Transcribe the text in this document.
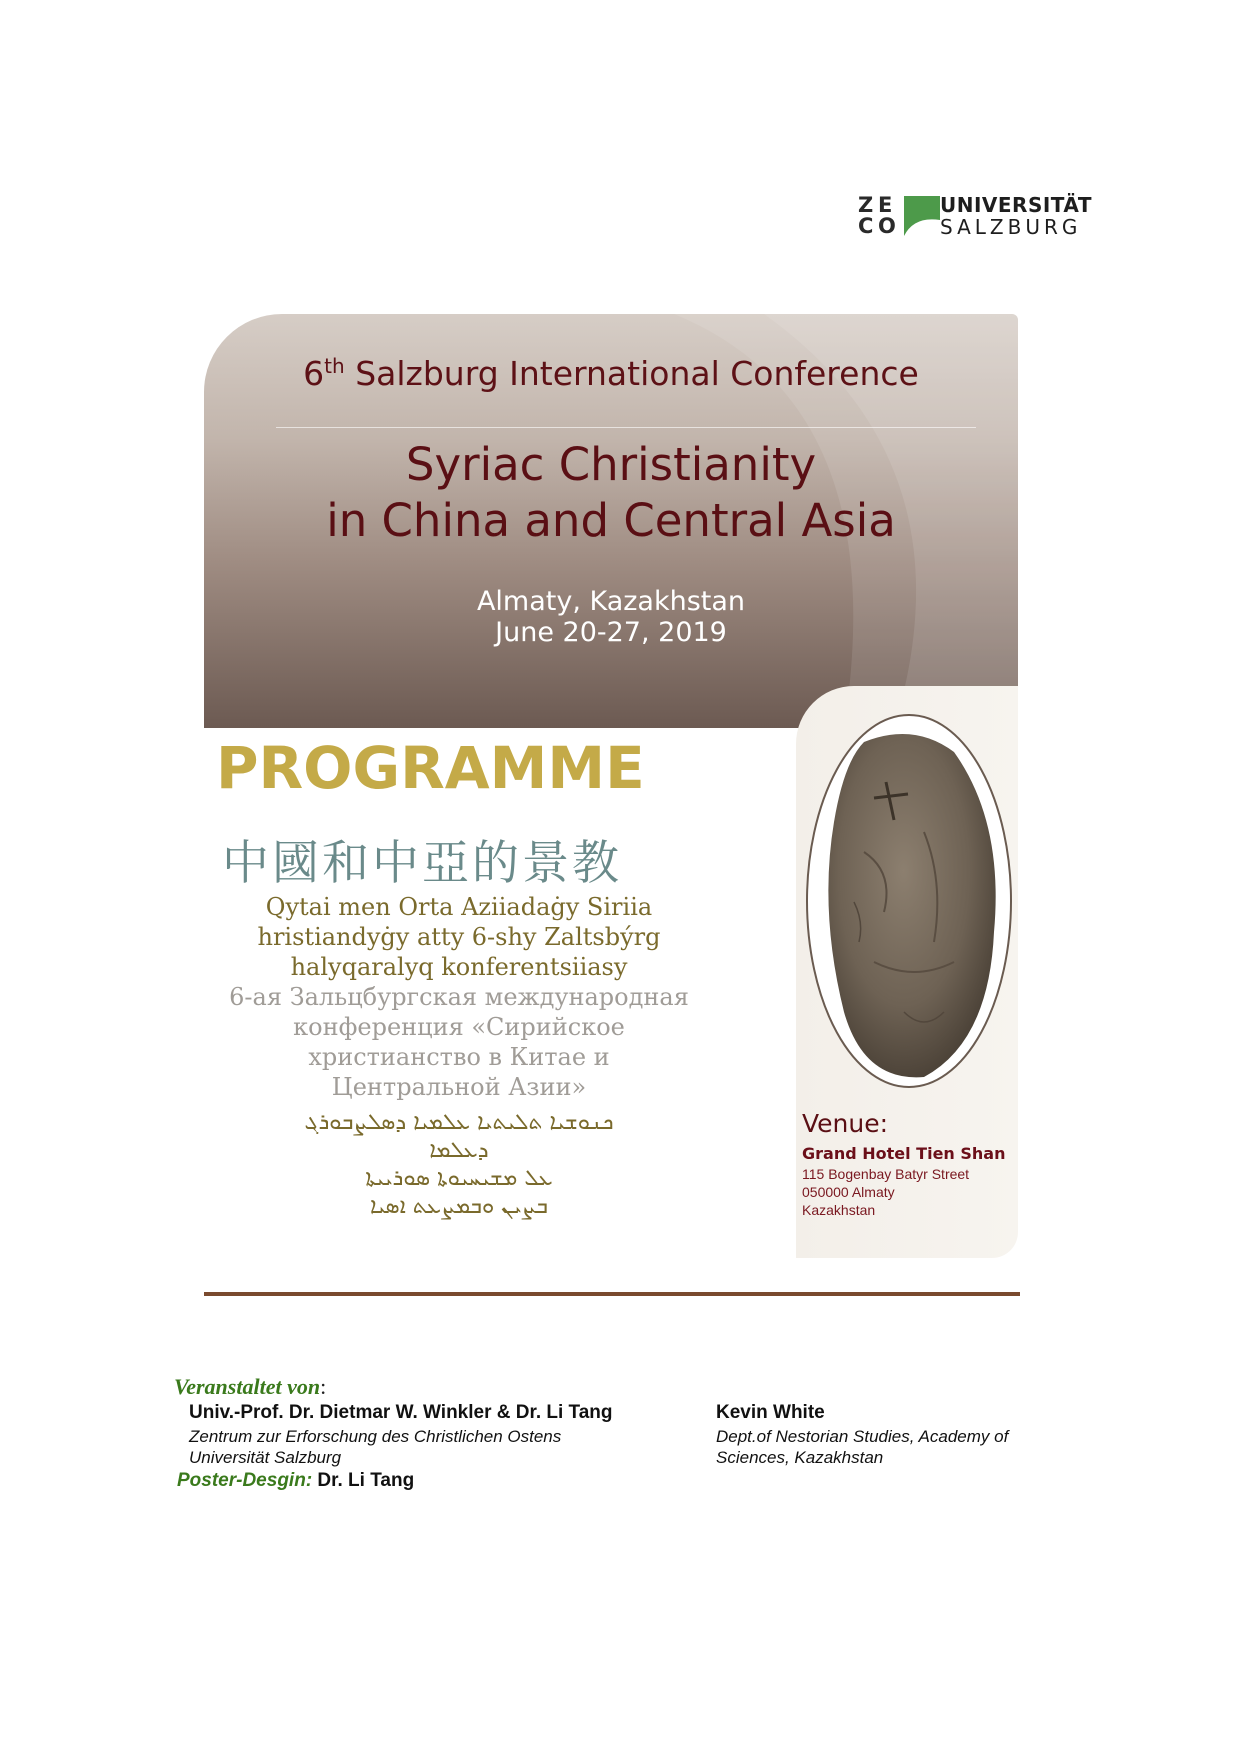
Z E
C O
UNIVERSITÄT
SALZBURG
6th Salzburg International Conference
Syriac Christianity
in China and Central Asia
Almaty, Kazakhstan
June 20-27, 2019
PROGRAMME
中國和中亞的景教
Qytai men Orta Aziiadaġy Siriia
hristiandyġy atty 6-shy Zaltsbýrg
halyqaralyq konferentsiiasy
6-ая Зальцбургская международная
конференция «Сирийское
христианство в Китае и
Центральной Азии»
ܟܢܘܫܝܐ ܬܠܝܬܝܐ ܥܠܡܝܐ ܕܣܠܨܒܘܪܓ
ܕܥܠܡܐ
ܥܠ ܡܫܝܚܝܘܬܐ ܣܘܪܝܝܬܐ
ܒܨܝܢ ܘܒܡܨܥܬ ܐܣܝܐ
Venue:
Grand Hotel Tien Shan
115 Bogenbay Batyr Street
050000 Almaty
Kazakhstan
Veranstaltet von:
Univ.-Prof. Dr. Dietmar W. Winkler & Dr. Li Tang
Zentrum zur Erforschung des Christlichen Ostens
Universität Salzburg
Kevin White
Dept.of Nestorian Studies, Academy of
Sciences, Kazakhstan
Poster-Desgin: Dr. Li Tang
